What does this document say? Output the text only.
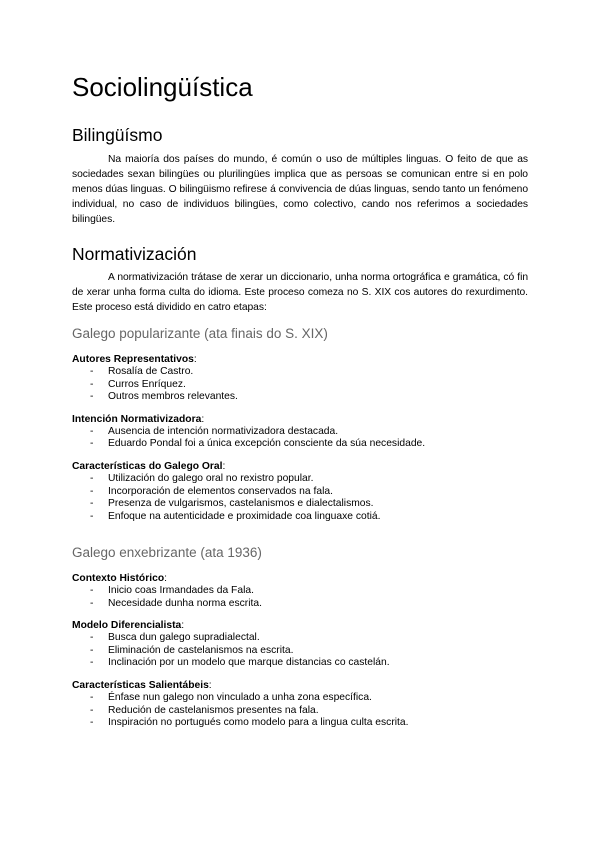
Sociolingüística
Bilingüísmo

Na maioría dos países do mundo, é común o uso de múltiples linguas. O feito de que as sociedades sexan bilingües ou plurilingües implica que as persoas se comunican entre si en polo menos dúas linguas. O bilingüismo refirese á convivencia de dúas linguas, sendo tanto un fenómeno individual, no caso de individuos bilingües, como colectivo, cando nos referimos a sociedades bilingües.

Normativización

A normativización trátase de xerar un diccionario, unha norma ortográfica e gramática, có fin de xerar unha forma culta do idioma. Este proceso comeza no S. XIX cos autores do rexurdimento. Este proceso está dividido en catro etapas:

Galego popularizante (ata finais do S. XIX)

Autores Representativos:

- Rosalía de Castro.
- Curros Enríquez.
- Outros membros relevantes.

Intención Normativizadora:

- Ausencia de intención normativizadora destacada.
- Eduardo Pondal foi a única excepción consciente da súa necesidade.

Características do Galego Oral:

- Utilización do galego oral no rexistro popular.
- Incorporación de elementos conservados na fala.
- Presenza de vulgarismos, castelanismos e dialectalismos.
- Enfoque na autenticidade e proximidade coa linguaxe cotiá.
Galego enxebrizante (ata 1936)

Contexto Histórico:

- Inicio coas Irmandades da Fala.
- Necesidade dunha norma escrita.

Modelo Diferencialista:

- Busca dun galego supradialectal.
- Eliminación de castelanismos na escrita.
- Inclinación por un modelo que marque distancias co castelán.

Características Salientábeis:

- Énfase nun galego non vinculado a unha zona específica.
- Redución de castelanismos presentes na fala.
- Inspiración no portugués como modelo para a lingua culta escrita.
